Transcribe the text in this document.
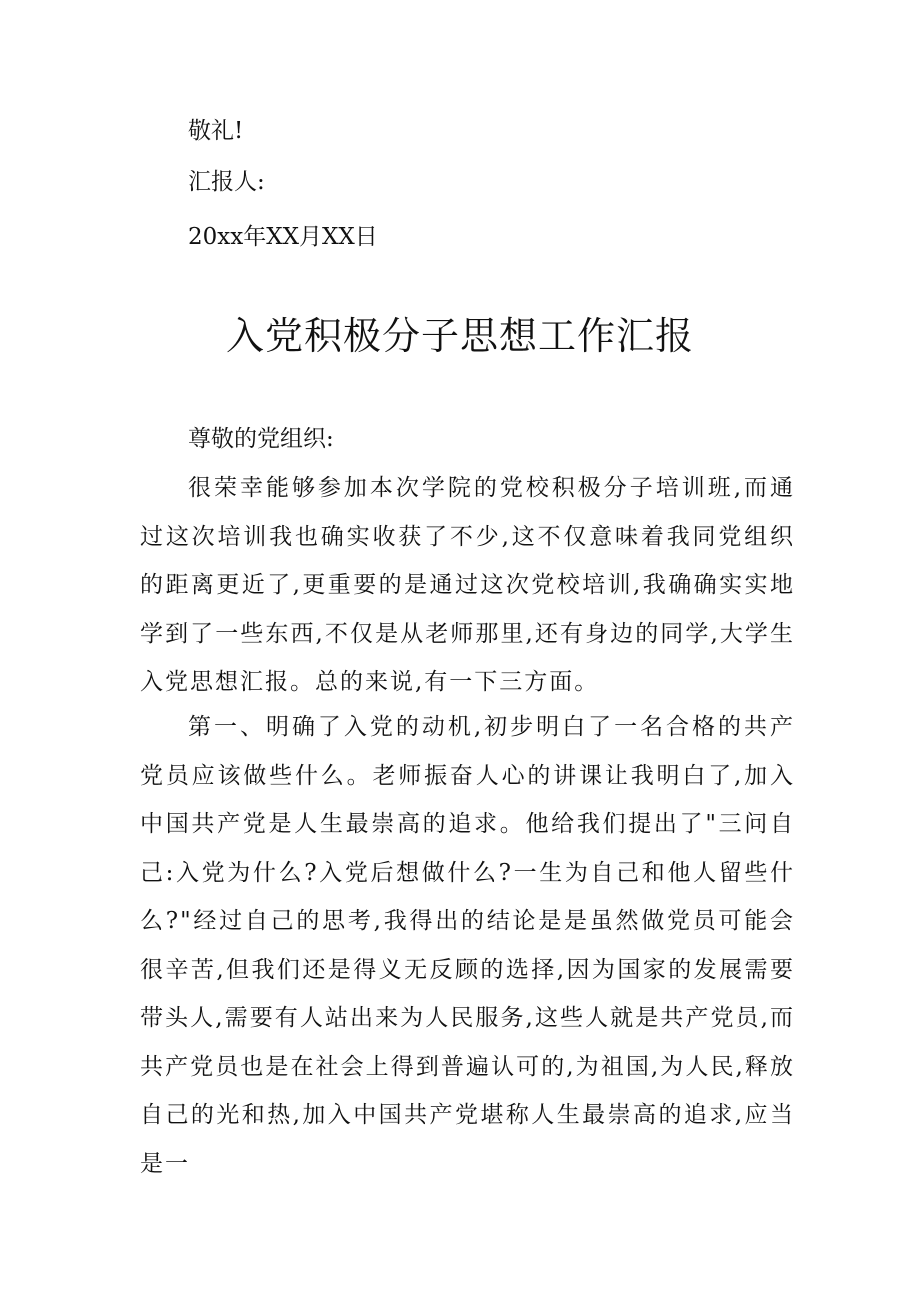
敬礼!
汇报人:
20xx年XX月XX日
入党积极分子思想工作汇报
尊敬的党组织:
很荣幸能够参加本次学院的党校积极分子培训班,而通过这次培训我也确实收获了不少,这不仅意味着我同党组织的距离更近了,更重要的是通过这次党校培训,我确确实实地学到了一些东西,不仅是从老师那里,还有身边的同学,大学生入党思想汇报。总的来说,有一下三方面。
第一、明确了入党的动机,初步明白了一名合格的共产党员应该做些什么。老师振奋人心的讲课让我明白了,加入中国共产党是人生最崇高的追求。他给我们提出了"三问自己:入党为什么?入党后想做什么?一生为自己和他人留些什么?"经过自己的思考,我得出的结论是是虽然做党员可能会很辛苦,但我们还是得义无反顾的选择,因为国家的发展需要带头人,需要有人站出来为人民服务,这些人就是共产党员,而共产党员也是在社会上得到普遍认可的,为祖国,为人民,释放自己的光和热,加入中国共产党堪称人生最崇高的追求,应当是一
